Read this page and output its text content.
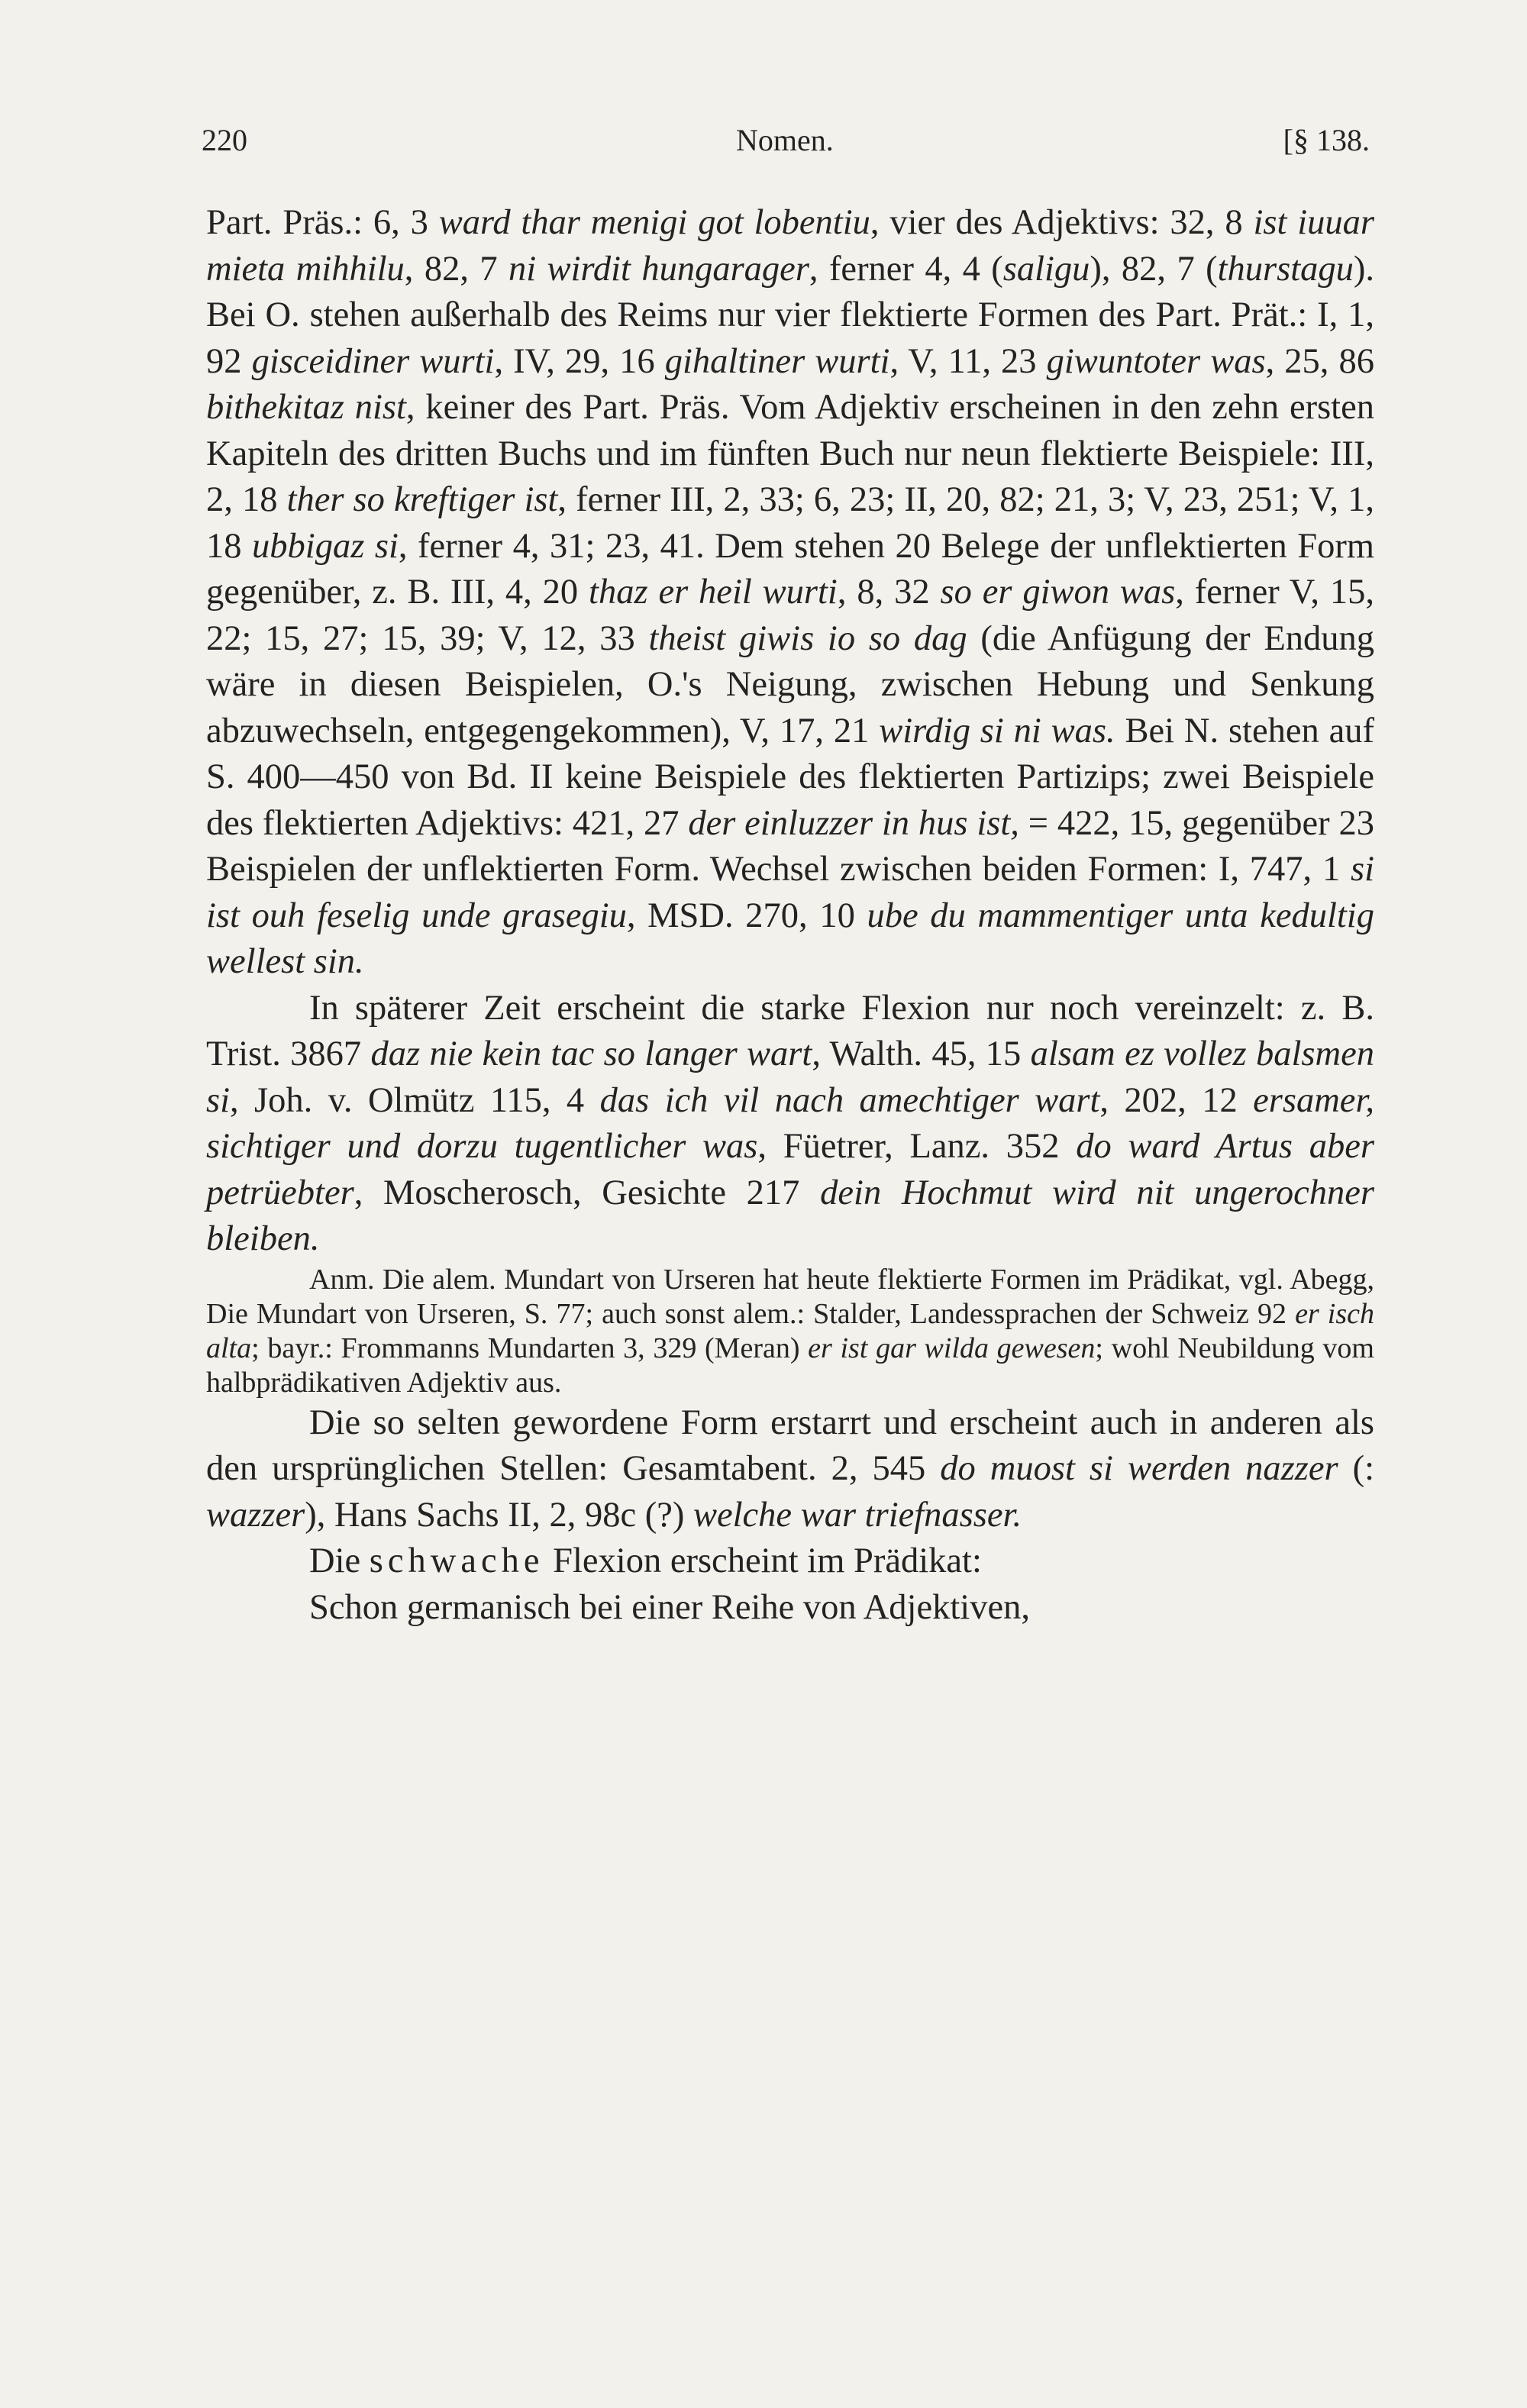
220	Nomen.	[§ 138.

Part. Präs.: 6, 3 ward thar menigi got lobentiu, vier des Adjektivs: 32, 8 ist iuuar mieta mihhilu, 82, 7 ni wirdit hungarager, ferner 4, 4 (saligu), 82, 7 (thurstagu). Bei O. stehen außerhalb des Reims nur vier flektierte Formen des Part. Prät.: I, 1, 92 gisceidiner wurti, IV, 29, 16 gihaltiner wurti, V, 11, 23 giwuntoter was, 25, 86 bithekitaz nist, keiner des Part. Präs. Vom Adjektiv erscheinen in den zehn ersten Kapiteln des dritten Buchs und im fünften Buch nur neun flektierte Beispiele: III, 2, 18 ther so kreftiger ist, ferner III, 2, 33; 6, 23; II, 20, 82; 21, 3; V, 23, 251; V, 1, 18 ubbigaz si, ferner 4, 31; 23, 41. Dem stehen 20 Belege der unflektierten Form gegenüber, z. B. III, 4, 20 thaz er heil wurti, 8, 32 so er giwon was, ferner V, 15, 22; 15, 27; 15, 39; V, 12, 33 theist giwis io so dag (die Anfügung der Endung wäre in diesen Beispielen, O.'s Neigung, zwischen Hebung und Senkung abzuwechseln, entgegengekommen), V, 17, 21 wirdig si ni was. Bei N. stehen auf S. 400—450 von Bd. II keine Beispiele des flektierten Partizips; zwei Beispiele des flektierten Adjektivs: 421, 27 der einluzzer in hus ist, = 422, 15, gegenüber 23 Beispielen der unflektierten Form. Wechsel zwischen beiden Formen: I, 747, 1 si ist ouh feselig unde grasegiu, MSD. 270, 10 ube du mammentiger unta kedultig wellest sin.

In späterer Zeit erscheint die starke Flexion nur noch vereinzelt: z. B. Trist. 3867 daz nie kein tac so langer wart, Walth. 45, 15 alsam ez vollez balsmen si, Joh. v. Olmütz 115, 4 das ich vil nach amechtiger wart, 202, 12 ersamer, sichtiger und dorzu tugentlicher was, Füetrer, Lanz. 352 do ward Artus aber petrüebter, Moscherosch, Gesichte 217 dein Hochmut wird nit ungerochner bleiben.

Anm. Die alem. Mundart von Urseren hat heute flektierte Formen im Prädikat, vgl. Abegg, Die Mundart von Urseren, S. 77; auch sonst alem.: Stalder, Landessprachen der Schweiz 92 er isch alta; bayr.: Frommanns Mundarten 3, 329 (Meran) er ist gar wilda gewesen; wohl Neubildung vom halbprädikativen Adjektiv aus.

Die so selten gewordene Form erstarrt und erscheint auch in anderen als den ursprünglichen Stellen: Gesamtabent. 2, 545 do muost si werden nazzer (: wazzer), Hans Sachs II, 2, 98c (?) welche war triefnasser.

Die schwache Flexion erscheint im Prädikat:

Schon germanisch bei einer Reihe von Adjektiven,
